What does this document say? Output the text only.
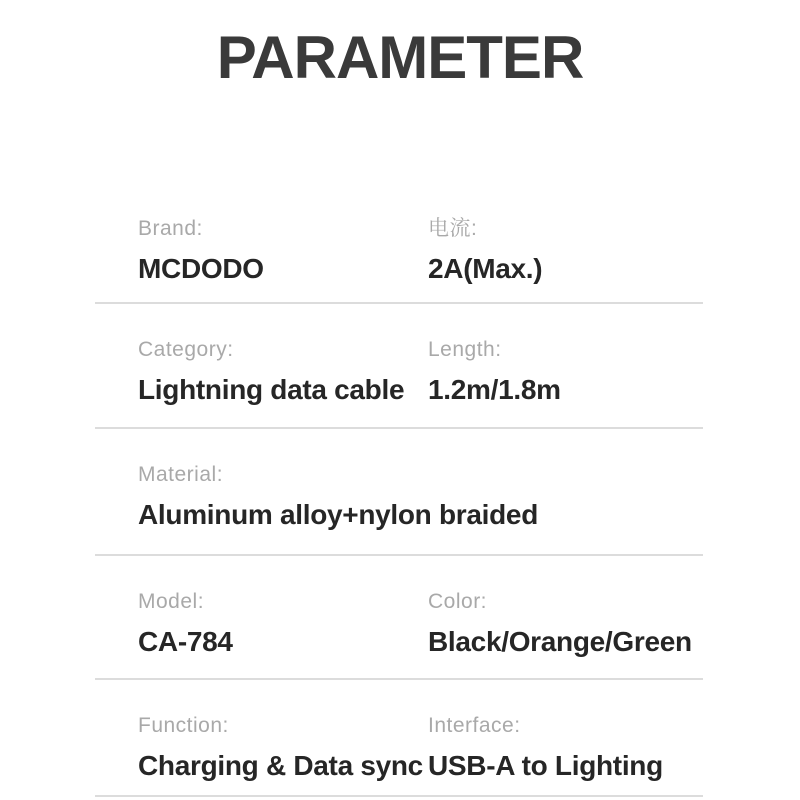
PARAMETER
Brand:
MCDODO
电流:
2A(Max.)
Category:
Lightning data cable
Length:
1.2m/1.8m
Material:
Aluminum alloy+nylon braided
Model:
CA-784
Color:
Black/Orange/Green
Function:
Charging & Data sync
Interface:
USB-A to Lighting
